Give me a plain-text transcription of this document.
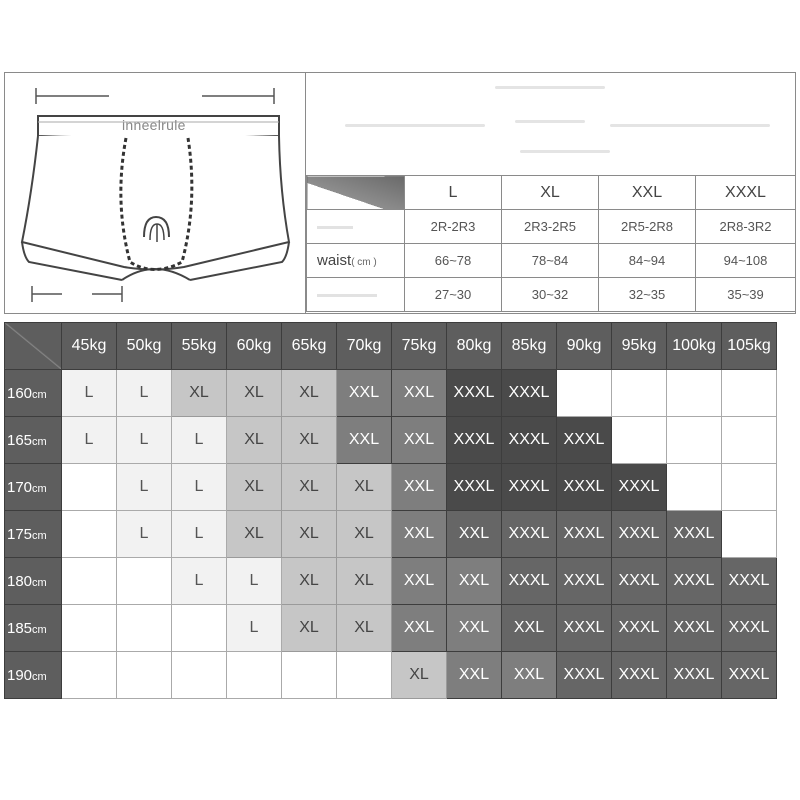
inneelrule
	L	XL	XXL	XXXL
	2R-2R3	2R3-2R5	2R5-2R8	2R8-3R2
waist( cm )	66~78	78~84	84~94	94~108
	27~30	30~32	32~35	35~39
	45kg	50kg	55kg	60kg	65kg	70kg	75kg	80kg	85kg	90kg	95kg	100kg	105kg
160cm	L	L	XL	XL	XL	XXL	XXL	XXXL	XXXL				
165cm	L	L	L	XL	XL	XXL	XXL	XXXL	XXXL	XXXL			
170cm		L	L	XL	XL	XL	XXL	XXXL	XXXL	XXXL	XXXL		
175cm		L	L	XL	XL	XL	XXL	XXL	XXXL	XXXL	XXXL	XXXL	
180cm			L	L	XL	XL	XXL	XXL	XXXL	XXXL	XXXL	XXXL	XXXL
185cm				L	XL	XL	XXL	XXL	XXL	XXXL	XXXL	XXXL	XXXL
190cm							XL	XXL	XXL	XXXL	XXXL	XXXL	XXXL
